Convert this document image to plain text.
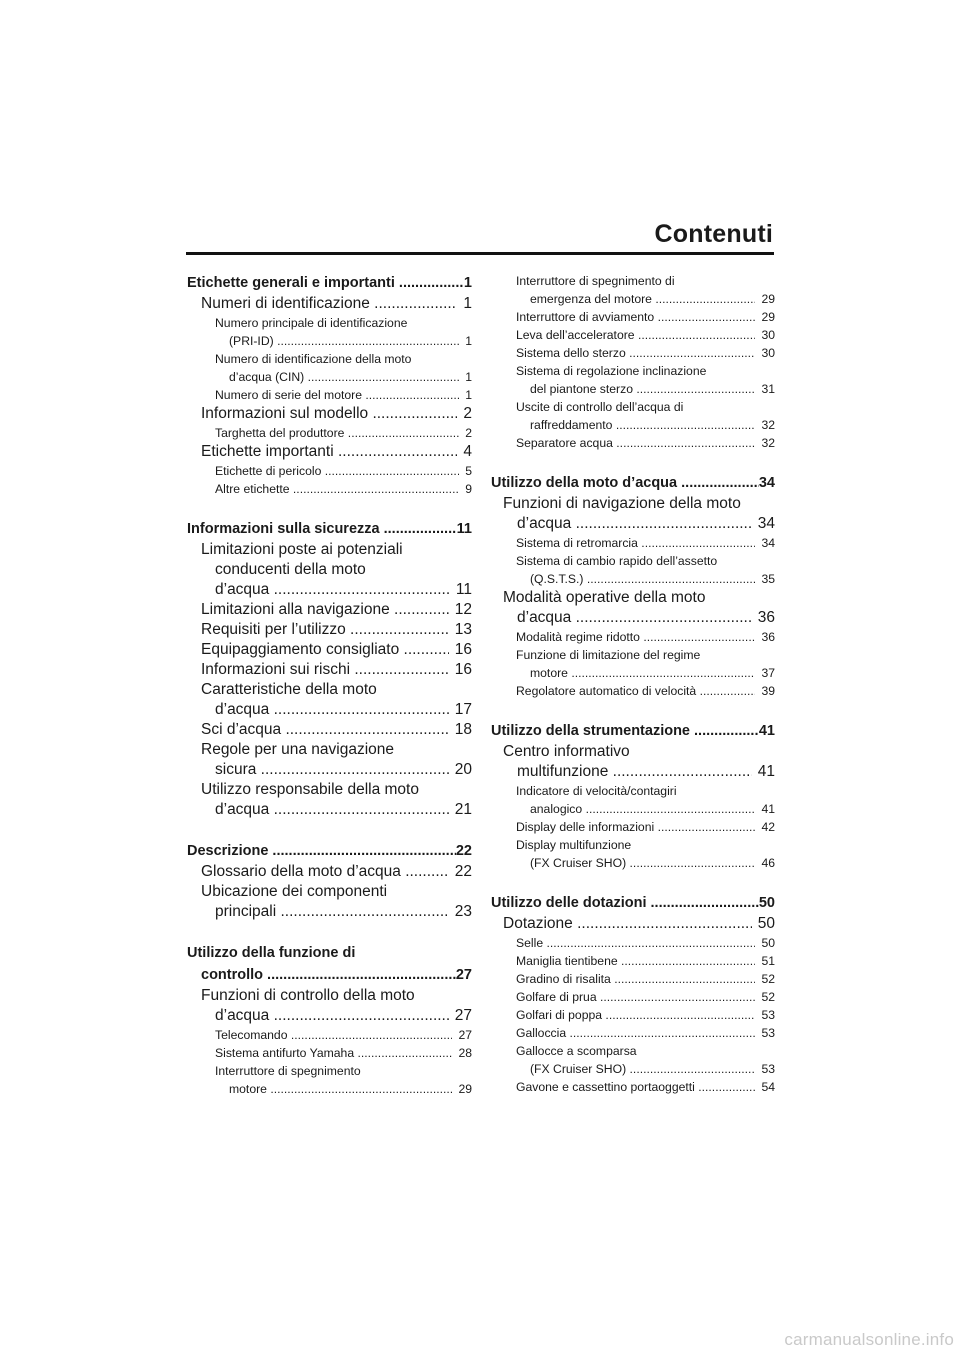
Contenuti
Etichette generali e importanti .....	1
Numeri di identificazione .....	1
Numero principale di identificazione
(PRI-ID) .....	1
Numero di identificazione della moto
d’acqua (CIN) .....	1
Numero di serie del motore .....	1
Informazioni sul modello .....	2
Targhetta del produttore .....	2
Etichette importanti .....	4
Etichette di pericolo .....	5
Altre etichette .....	9
Informazioni sulla sicurezza .....	11
Limitazioni poste ai potenziali
conducenti della moto
d’acqua .....	11
Limitazioni alla navigazione .....	12
Requisiti per l’utilizzo .....	13
Equipaggiamento consigliato .....	16
Informazioni sui rischi .....	16
Caratteristiche della moto
d’acqua .....	17
Sci d’acqua .....	18
Regole per una navigazione
sicura .....	20
Utilizzo responsabile della moto
d’acqua .....	21
Descrizione .....	22
Glossario della moto d’acqua .....	22
Ubicazione dei componenti
principali .....	23
Utilizzo della funzione di
controllo .....	27
Funzioni di controllo della moto
d’acqua .....	27
Telecomando .....	27
Sistema antifurto Yamaha .....	28
Interruttore di spegnimento
motore .....	29
Interruttore di spegnimento di
emergenza del motore .....	29
Interruttore di avviamento .....	29
Leva dell’acceleratore .....	30
Sistema dello sterzo .....	30
Sistema di regolazione inclinazione
del piantone sterzo .....	31
Uscite di controllo dell’acqua di
raffreddamento .....	32
Separatore acqua .....	32
Utilizzo della moto d’acqua .....	34
Funzioni di navigazione della moto
d’acqua .....	34
Sistema di retromarcia .....	34
Sistema di cambio rapido dell’assetto
(Q.S.T.S.) .....	35
Modalità operative della moto
d’acqua .....	36
Modalità regime ridotto .....	36
Funzione di limitazione del regime
motore .....	37
Regolatore automatico di velocità .....	39
Utilizzo della strumentazione .....	41
Centro informativo
multifunzione .....	41
Indicatore di velocità/contagiri
analogico .....	41
Display delle informazioni .....	42
Display multifunzione
(FX Cruiser SHO) .....	46
Utilizzo delle dotazioni .....	50
Dotazione .....	50
Selle .....	50
Maniglia tientibene .....	51
Gradino di risalita .....	52
Golfare di prua .....	52
Golfari di poppa .....	53
Galloccia .....	53
Gallocce a scomparsa
(FX Cruiser SHO) .....	53
Gavone e cassettino portaoggetti .....	54
carmanualsonline.info
